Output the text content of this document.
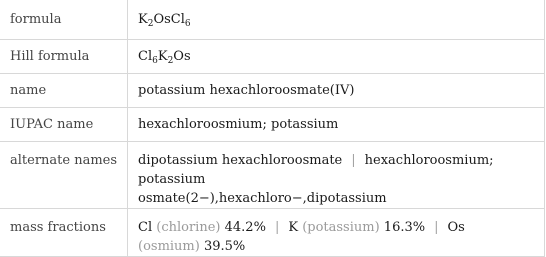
formula	$K_2OsCl_6$
Hill formula	$Cl_6K_2Os$
name	potassium hexachloroosmate(IV)
IUPAC name	hexachloroosmium; potassium
alternate names	dipotassium hexachloroosmate | hexachloroosmium; potassium
osmate(2−),hexachloro−,dipotassium
mass fractions	Cl (chlorine) 44.2% | K (potassium) 16.3% | Os
(osmium) 39.5%
